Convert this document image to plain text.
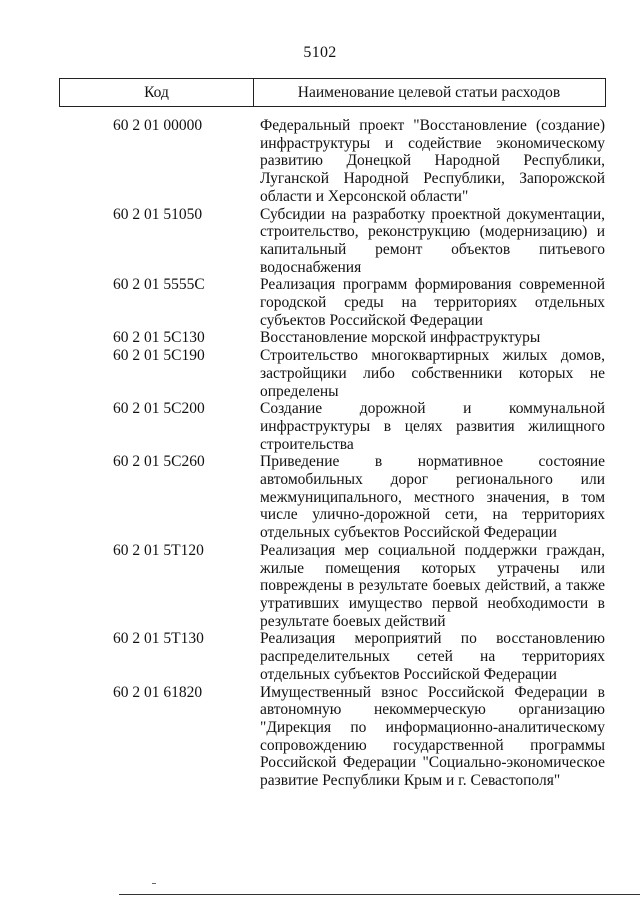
5102
Код	Наименование целевой статьи расходов
60 2 01 00000	Федеральный проект "Восстановление (создание) инфраструктуры и содействие экономическому развитию Донецкой Народной Республики, Луганской Народной Республики, Запорожской области и Херсонской области"
60 2 01 51050	Субсидии на разработку проектной документации, строительство, реконструкцию (модернизацию) и капитальный ремонт объектов питьевого водоснабжения
60 2 01 5555C	Реализация программ формирования современной городской среды на территориях отдельных субъектов Российской Федерации
60 2 01 5C130	Восстановление морской инфраструктуры
60 2 01 5C190	Строительство многоквартирных жилых домов, застройщики либо собственники которых не определены
60 2 01 5C200	Создание дорожной и коммунальной инфраструктуры в целях развития жилищного строительства
60 2 01 5C260	Приведение в нормативное состояние автомобильных дорог регионального или межмуниципального, местного значения, в том числе улично-дорожной сети, на территориях отдельных субъектов Российской Федерации
60 2 01 5T120	Реализация мер социальной поддержки граждан, жилые помещения которых утрачены или повреждены в результате боевых действий, а также утративших имущество первой необходимости в результате боевых действий
60 2 01 5T130	Реализация мероприятий по восстановлению распределительных сетей на территориях отдельных субъектов Российской Федерации
60 2 01 61820	Имущественный взнос Российской Федерации в автономную некоммерческую организацию "Дирекция по информационно-аналитическому сопровождению государственной программы Российской Федерации "Социально-экономическое развитие Республики Крым и г. Севастополя"
